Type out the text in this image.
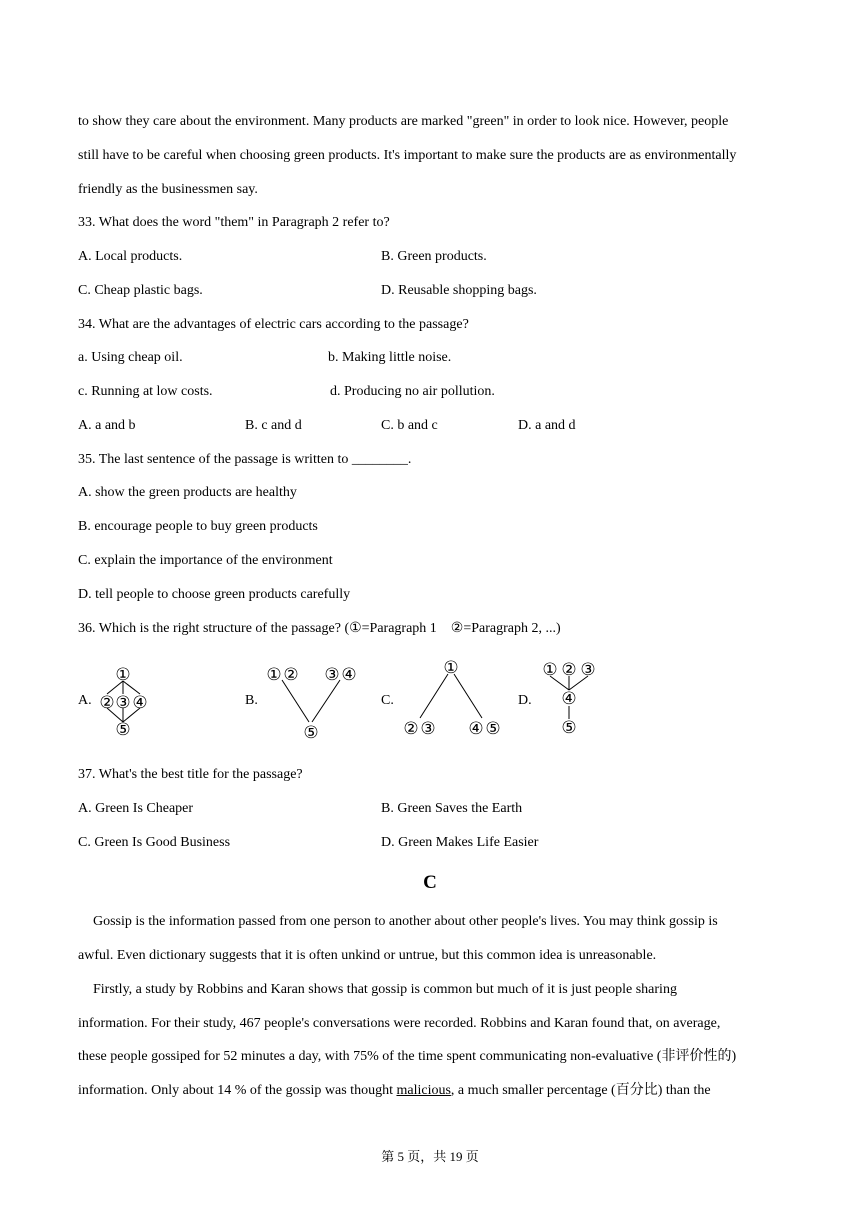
to show they care about the environment. Many products are marked "green" in order to look nice. However, people
still have to be careful when choosing green products. It's important to make sure the products are as environmentally
friendly as the businessmen say.
33. What does the word "them" in Paragraph 2 refer to?
A. Local products.	B. Green products.
C. Cheap plastic bags.	D. Reusable shopping bags.
34. What are the advantages of electric cars according to the passage?
a. Using cheap oil.	b. Making little noise.
c. Running at low costs.	d. Producing no air pollution.
A. a and b	B. c and d	C. b and c	D. a and d
35. The last sentence of the passage is written to ________.
A. show the green products are healthy
B. encourage people to buy green products
C. explain the importance of the environment
D. tell people to choose green products carefully
36. Which is the right structure of the passage? (①=Paragraph 1　②=Paragraph 2, ...)
A.	B.	C.	D.
①
② ③ ④
⑤
① ② ③ ④
⑤
①
② ③ ④ ⑤
① ② ③
④
⑤
37. What's the best title for the passage?
A. Green Is Cheaper	B. Green Saves the Earth
C. Green Is Good Business	D. Green Makes Life Easier
C
Gossip is the information passed from one person to another about other people's lives. You may think gossip is
awful. Even dictionary suggests that it is often unkind or untrue, but this common idea is unreasonable.
Firstly, a study by Robbins and Karan shows that gossip is common but much of it is just people sharing
information. For their study, 467 people's conversations were recorded. Robbins and Karan found that, on average,
these people gossiped for 52 minutes a day, with 75% of the time spent communicating non-evaluative (非评价性的)
information. Only about 14 % of the gossip was thought malicious, a much smaller percentage (百分比) than the
第 5 页，共 19 页
